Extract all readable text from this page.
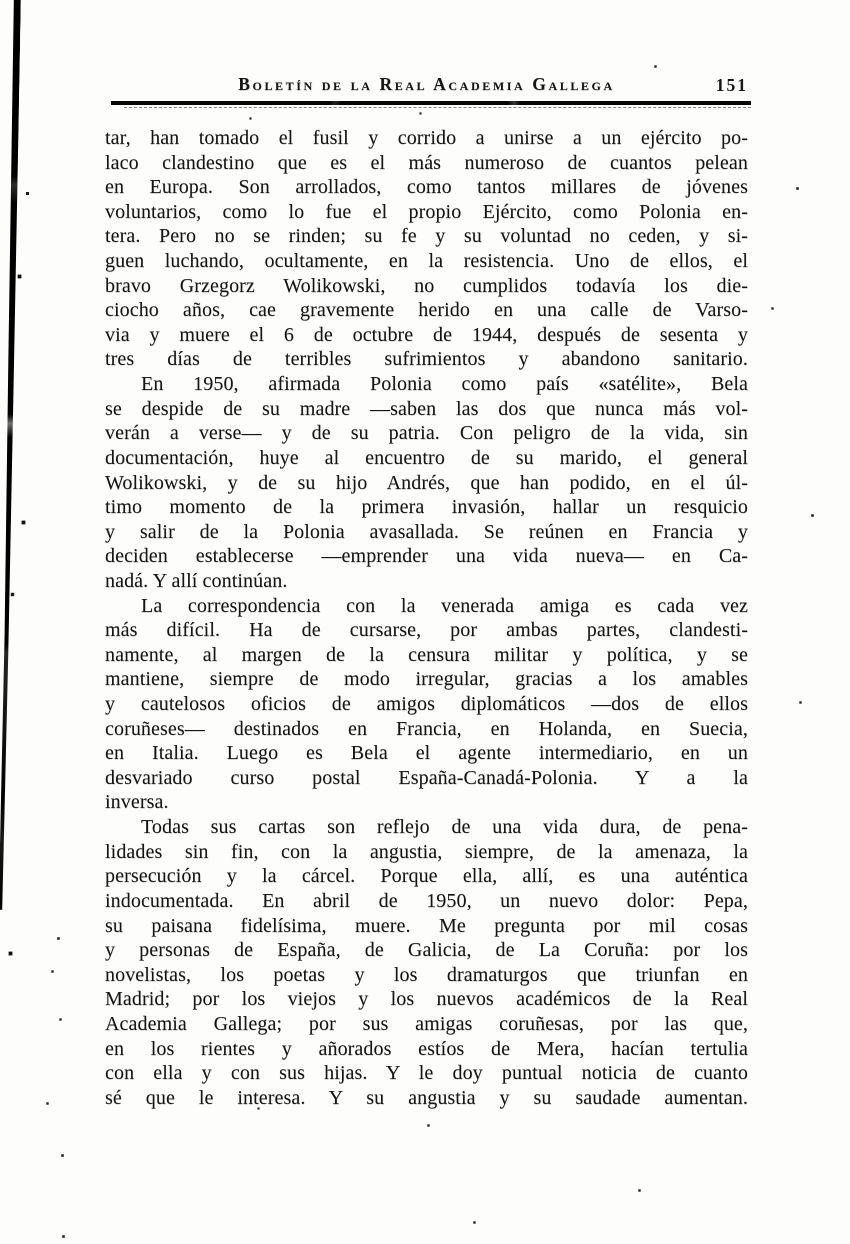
Boletín de la Real Academia Gallega	151
tar, han tomado el fusil y corrido a unirse a un ejército po-
laco clandestino que es el más numeroso de cuantos pelean
en Europa. Son arrollados, como tantos millares de jóvenes
voluntarios, como lo fue el propio Ejército, como Polonia en-
tera. Pero no se rinden; su fe y su voluntad no ceden, y si-
guen luchando, ocultamente, en la resistencia. Uno de ellos, el
bravo Grzegorz Wolikowski, no cumplidos todavía los die-
ciocho años, cae gravemente herido en una calle de Varso-
via y muere el 6 de octubre de 1944, después de sesenta y
tres días de terribles sufrimientos y abandono sanitario.
En 1950, afirmada Polonia como país «satélite», Bela
se despide de su madre —saben las dos que nunca más vol-
verán a verse— y de su patria. Con peligro de la vida, sin
documentación, huye al encuentro de su marido, el general
Wolikowski, y de su hijo Andrés, que han podido, en el úl-
timo momento de la primera invasión, hallar un resquicio
y salir de la Polonia avasallada. Se reúnen en Francia y
deciden establecerse —emprender una vida nueva— en Ca-
nadá. Y allí continúan.
La correspondencia con la venerada amiga es cada vez
más difícil. Ha de cursarse, por ambas partes, clandesti-
namente, al margen de la censura militar y política, y se
mantiene, siempre de modo irregular, gracias a los amables
y cautelosos oficios de amigos diplomáticos —dos de ellos
coruñeses— destinados en Francia, en Holanda, en Suecia,
en Italia. Luego es Bela el agente intermediario, en un
desvariado curso postal España-Canadá-Polonia. Y a la
inversa.
Todas sus cartas son reflejo de una vida dura, de pena-
lidades sin fin, con la angustia, siempre, de la amenaza, la
persecución y la cárcel. Porque ella, allí, es una auténtica
indocumentada. En abril de 1950, un nuevo dolor: Pepa,
su paisana fidelísima, muere. Me pregunta por mil cosas
y personas de España, de Galicia, de La Coruña: por los
novelistas, los poetas y los dramaturgos que triunfan en
Madrid; por los viejos y los nuevos académicos de la Real
Academia Gallega; por sus amigas coruñesas, por las que,
en los rientes y añorados estíos de Mera, hacían tertulia
con ella y con sus hijas. Y le doy puntual noticia de cuanto
sé que le interesa. Y su angustia y su saudade aumentan.
